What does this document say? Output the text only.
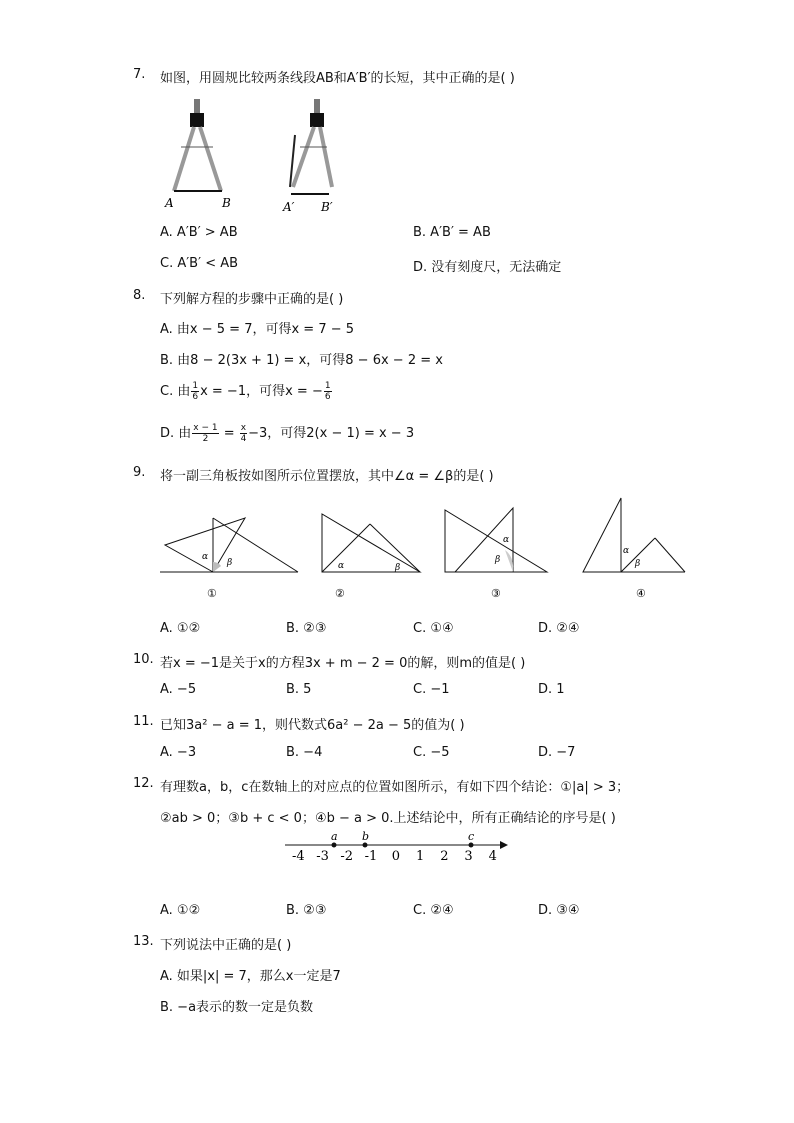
7.	如图，用圆规比较两条线段AB和A′B′的长短，其中正确的是( )
A	B	A′ B′
A. A′B′ > AB	B. A′B′ = AB
C. A′B′ < AB	D. 没有刻度尺，无法确定
8.	下列解方程的步骤中正确的是( )
A. 由x − 5 = 7，可得x = 7 − 5
B. 由8 − 2(3x + 1) = x，可得8 − 6x − 2 = x
C. 由 $\frac{1}{6}$ x = −1，可得x = − $\frac{1}{6}$
D. 由 $\frac{x - 1}{2} = \frac{x}{4} -3$，可得2(x − 1) = x − 3
9.	将一副三角板按如图所示位置摆放，其中∠α = ∠β的是( )
α
β	α	β
α
β
α
β
①	②	③	④
A. ①②	B. ②③	C. ①④	D. ②④
10. 若x = −1是关于x的方程3x + m − 2 = 0的解，则m的值是( )
A. −5	B. 5	C. −1	D. 1
11. 已知3a² − a = 1，则代数式6a² − 2a − 5的值为( )
A. −3	B. −4	C. −5	D. −7
12. 有理数a，b，c在数轴上的对应点的位置如图所示，有如下四个结论：①|a| > 3；
②ab > 0；③b + c < 0；④b − a > 0.上述结论中，所有正确结论的序号是( )
-4 -3 -2 -1 0 1 2 3 4
a b	c
A. ①②	B. ②③	C. ②④	D. ③④
13. 下列说法中正确的是( )
A. 如果|x| = 7，那么x一定是7
B. −a表示的数一定是负数
